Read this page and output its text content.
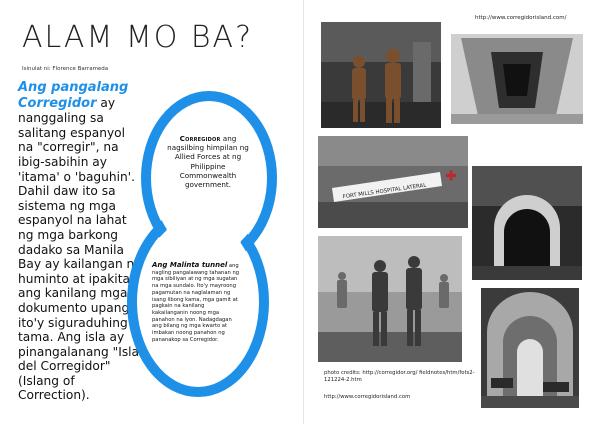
ALAM MO BA?
Isinulat ni: Florence Barrameda
Ang pangalang Corregidor ay nanggaling sa salitang espanyol na "corregir", na ibig-sabihin ay 'itama' o 'baguhin'. Dahil daw ito sa sistema ng mga espanyol na lahat ng mga barkong dadako sa Manila Bay ay kailangan na huminto at ipakita ang kanilang mga dokumento upang ito'y siguraduhing tama. Ang isla ay pinangalanang "Isla del Corregidor" (Islang of Correction).
Corregidor ang nagsilbing himpilan ng Allied Forces at ng Philippine Commonwealth government.
Ang Malinta tunnel ang nagling pangalawang tahanan ng mga sibiliyan at ng mga sugatan na mga sundalo. Ito'y mayroong pagamutan na naglalaman ng isang libong kama, mga gamit at pagkain na kanilang kakailanganin noong mga panahon na iyon. Nadagdagan ang bilang ng mga kwarto at imbakan noong panahon ng pananakop sa Corregidor.
http://www.corregidorisland.com/
FORT MILLS HOSPITAL LATERAL
photo credits: http://corregidor.org/ fieldnotes/htm/fots2-121224-2.htm
http://www.corregidorisland.com
